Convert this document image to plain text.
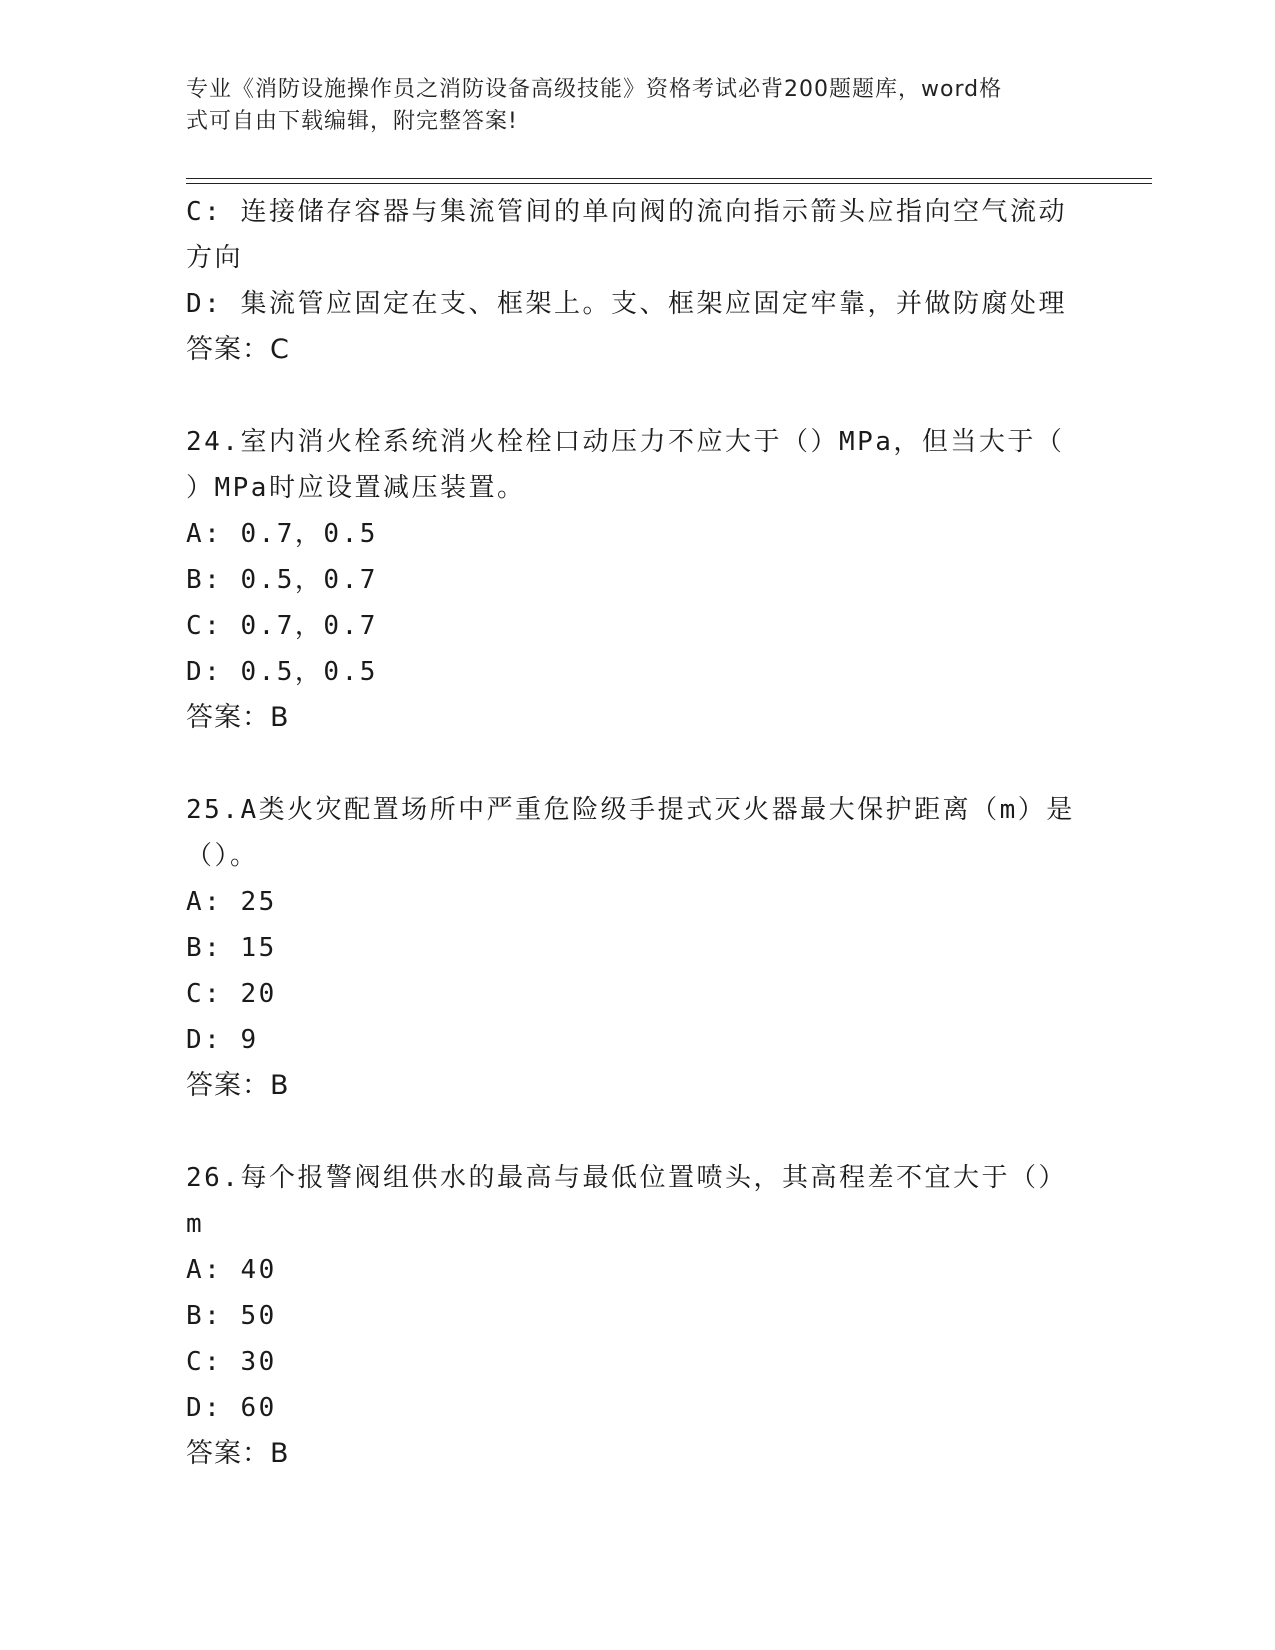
专业《消防设施操作员之消防设备高级技能》资格考试必背200题题库，word格
式可自由下载编辑，附完整答案!
C: 连接储存容器与集流管间的单向阀的流向指示箭头应指向空气流动
方向
D: 集流管应固定在支、框架上。支、框架应固定牢靠，并做防腐处理
答案：C
24.室内消火栓系统消火栓栓口动压力不应大于（）MPa，但当大于（
）MPa时应设置减压装置。
A: 0.7，0.5
B: 0.5，0.7
C: 0.7，0.7
D: 0.5，0.5
答案：B
25.A类火灾配置场所中严重危险级手提式灭火器最大保护距离（m）是
（）。
A: 25
B: 15
C: 20
D: 9
答案：B
26.每个报警阀组供水的最高与最低位置喷头，其高程差不宜大于（）
m
A: 40
B: 50
C: 30
D: 60
答案：B
